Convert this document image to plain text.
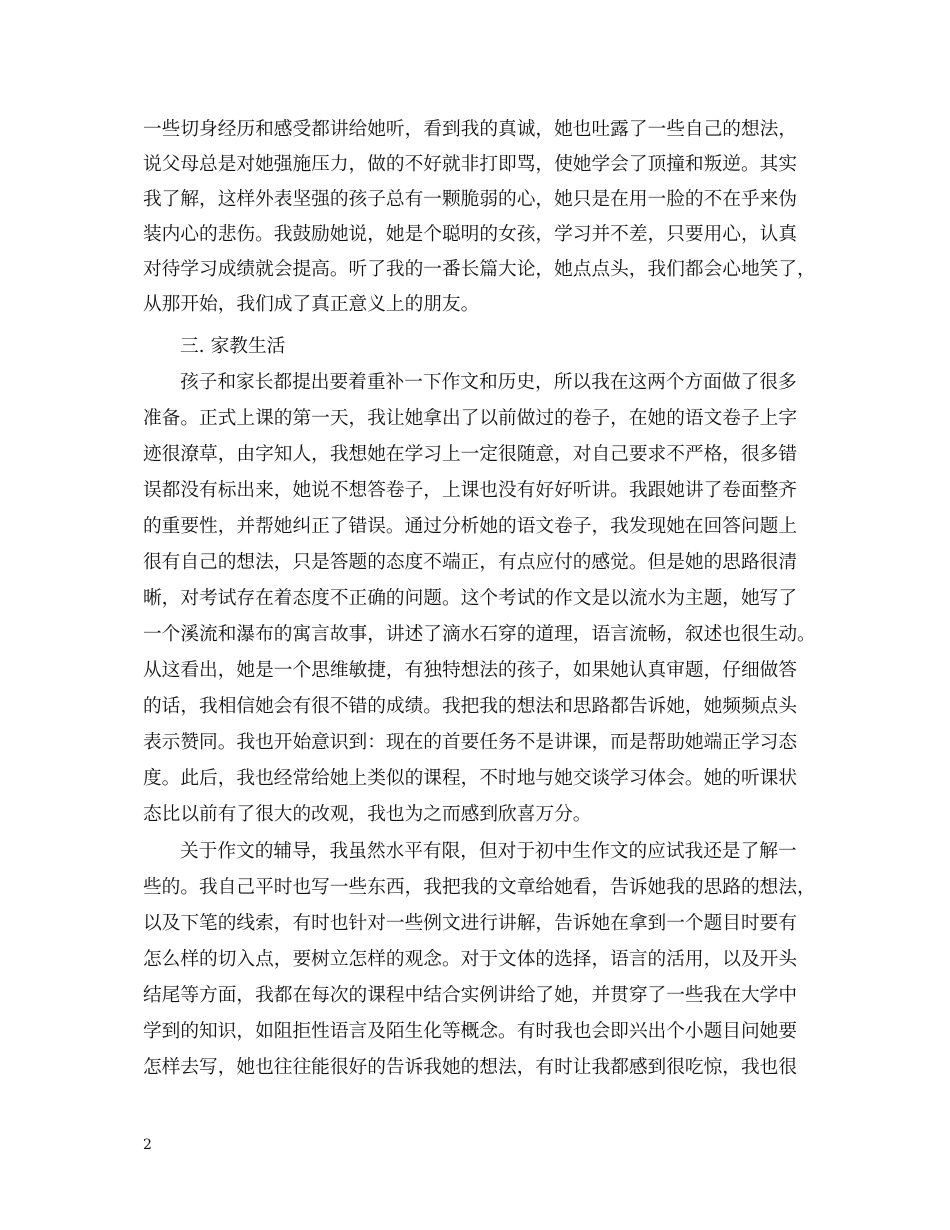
一些切身经历和感受都讲给她听，看到我的真诚，她也吐露了一些自己的想法，
说父母总是对她强施压力，做的不好就非打即骂，使她学会了顶撞和叛逆。其实
我了解，这样外表坚强的孩子总有一颗脆弱的心，她只是在用一脸的不在乎来伪
装内心的悲伤。我鼓励她说，她是个聪明的女孩，学习并不差，只要用心，认真
对待学习成绩就会提高。听了我的一番长篇大论，她点点头，我们都会心地笑了，
从那开始，我们成了真正意义上的朋友。
三. 家教生活
孩子和家长都提出要着重补一下作文和历史，所以我在这两个方面做了很多
准备。正式上课的第一天，我让她拿出了以前做过的卷子，在她的语文卷子上字
迹很潦草，由字知人，我想她在学习上一定很随意，对自己要求不严格，很多错
误都没有标出来，她说不想答卷子，上课也没有好好听讲。我跟她讲了卷面整齐
的重要性，并帮她纠正了错误。通过分析她的语文卷子，我发现她在回答问题上
很有自己的想法，只是答题的态度不端正，有点应付的感觉。但是她的思路很清
晰，对考试存在着态度不正确的问题。这个考试的作文是以流水为主题，她写了
一个溪流和瀑布的寓言故事，讲述了滴水石穿的道理，语言流畅，叙述也很生动。
从这看出，她是一个思维敏捷，有独特想法的孩子，如果她认真审题，仔细做答
的话，我相信她会有很不错的成绩。我把我的想法和思路都告诉她，她频频点头
表示赞同。我也开始意识到：现在的首要任务不是讲课，而是帮助她端正学习态
度。此后，我也经常给她上类似的课程，不时地与她交谈学习体会。她的听课状
态比以前有了很大的改观，我也为之而感到欣喜万分。
关于作文的辅导，我虽然水平有限，但对于初中生作文的应试我还是了解一
些的。我自己平时也写一些东西，我把我的文章给她看，告诉她我的思路的想法，
以及下笔的线索，有时也针对一些例文进行讲解，告诉她在拿到一个题目时要有
怎么样的切入点，要树立怎样的观念。对于文体的选择，语言的活用，以及开头
结尾等方面，我都在每次的课程中结合实例讲给了她，并贯穿了一些我在大学中
学到的知识，如阻拒性语言及陌生化等概念。有时我也会即兴出个小题目问她要
怎样去写，她也往往能很好的告诉我她的想法，有时让我都感到很吃惊，我也很
2
